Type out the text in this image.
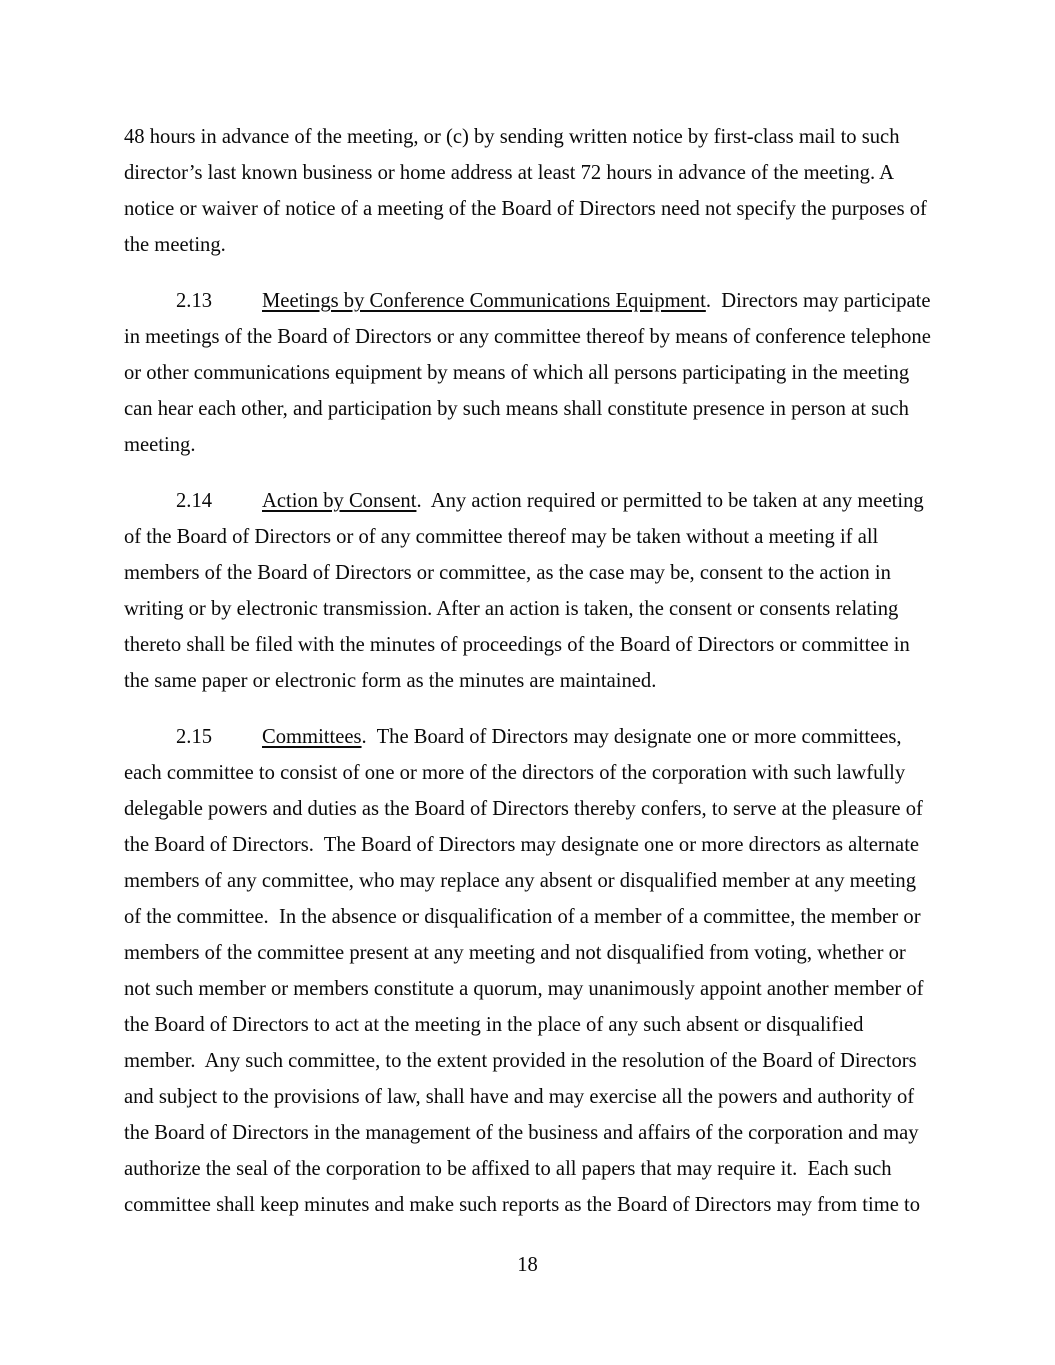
48 hours in advance of the meeting, or (c) by sending written notice by first-class mail to such director’s last known business or home address at least 72 hours in advance of the meeting. A notice or waiver of notice of a meeting of the Board of Directors need not specify the purposes of the meeting.

2.13 Meetings by Conference Communications Equipment.  Directors may participate in meetings of the Board of Directors or any committee thereof by means of conference telephone or other communications equipment by means of which all persons participating in the meeting can hear each other, and participation by such means shall constitute presence in person at such meeting.

2.14 Action by Consent.  Any action required or permitted to be taken at any meeting of the Board of Directors or of any committee thereof may be taken without a meeting if all members of the Board of Directors or committee, as the case may be, consent to the action in writing or by electronic transmission. After an action is taken, the consent or consents relating thereto shall be filed with the minutes of proceedings of the Board of Directors or committee in the same paper or electronic form as the minutes are maintained.

2.15 Committees.  The Board of Directors may designate one or more committees, each committee to consist of one or more of the directors of the corporation with such lawfully delegable powers and duties as the Board of Directors thereby confers, to serve at the pleasure of the Board of Directors.  The Board of Directors may designate one or more directors as alternate members of any committee, who may replace any absent or disqualified member at any meeting of the committee.  In the absence or disqualification of a member of a committee, the member or members of the committee present at any meeting and not disqualified from voting, whether or not such member or members constitute a quorum, may unanimously appoint another member of the Board of Directors to act at the meeting in the place of any such absent or disqualified member.  Any such committee, to the extent provided in the resolution of the Board of Directors and subject to the provisions of law, shall have and may exercise all the powers and authority of the Board of Directors in the management of the business and affairs of the corporation and may authorize the seal of the corporation to be affixed to all papers that may require it.  Each such committee shall keep minutes and make such reports as the Board of Directors may from time to

18
